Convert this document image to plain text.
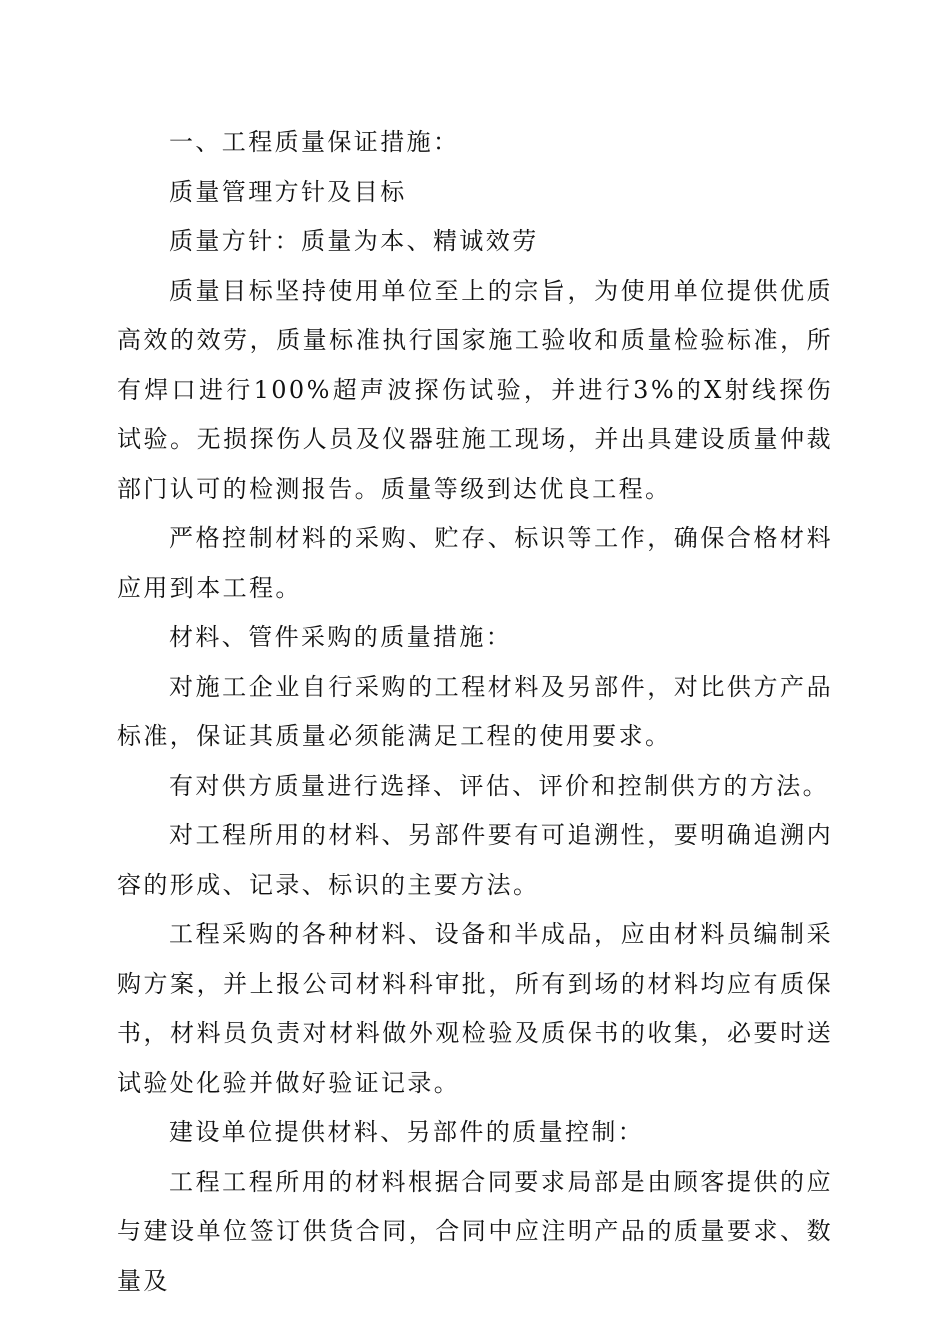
一、工程质量保证措施：

质量管理方针及目标

质量方针：质量为本、精诚效劳

质量目标坚持使用单位至上的宗旨，为使用单位提供优质高效的效劳，质量标准执行国家施工验收和质量检验标准，所有焊口进行100%超声波探伤试验，并进行3%的X射线探伤试验。无损探伤人员及仪器驻施工现场，并出具建设质量仲裁部门认可的检测报告。质量等级到达优良工程。

严格控制材料的采购、贮存、标识等工作，确保合格材料应用到本工程。

材料、管件采购的质量措施：

对施工企业自行采购的工程材料及另部件，对比供方产品标准，保证其质量必须能满足工程的使用要求。

有对供方质量进行选择、评估、评价和控制供方的方法。

对工程所用的材料、另部件要有可追溯性，要明确追溯内容的形成、记录、标识的主要方法。

工程采购的各种材料、设备和半成品，应由材料员编制采购方案，并上报公司材料科审批，所有到场的材料均应有质保书，材料员负责对材料做外观检验及质保书的收集，必要时送试验处化验并做好验证记录。

建设单位提供材料、另部件的质量控制：

工程工程所用的材料根据合同要求局部是由顾客提供的应与建设单位签订供货合同，合同中应注明产品的质量要求、数量及
